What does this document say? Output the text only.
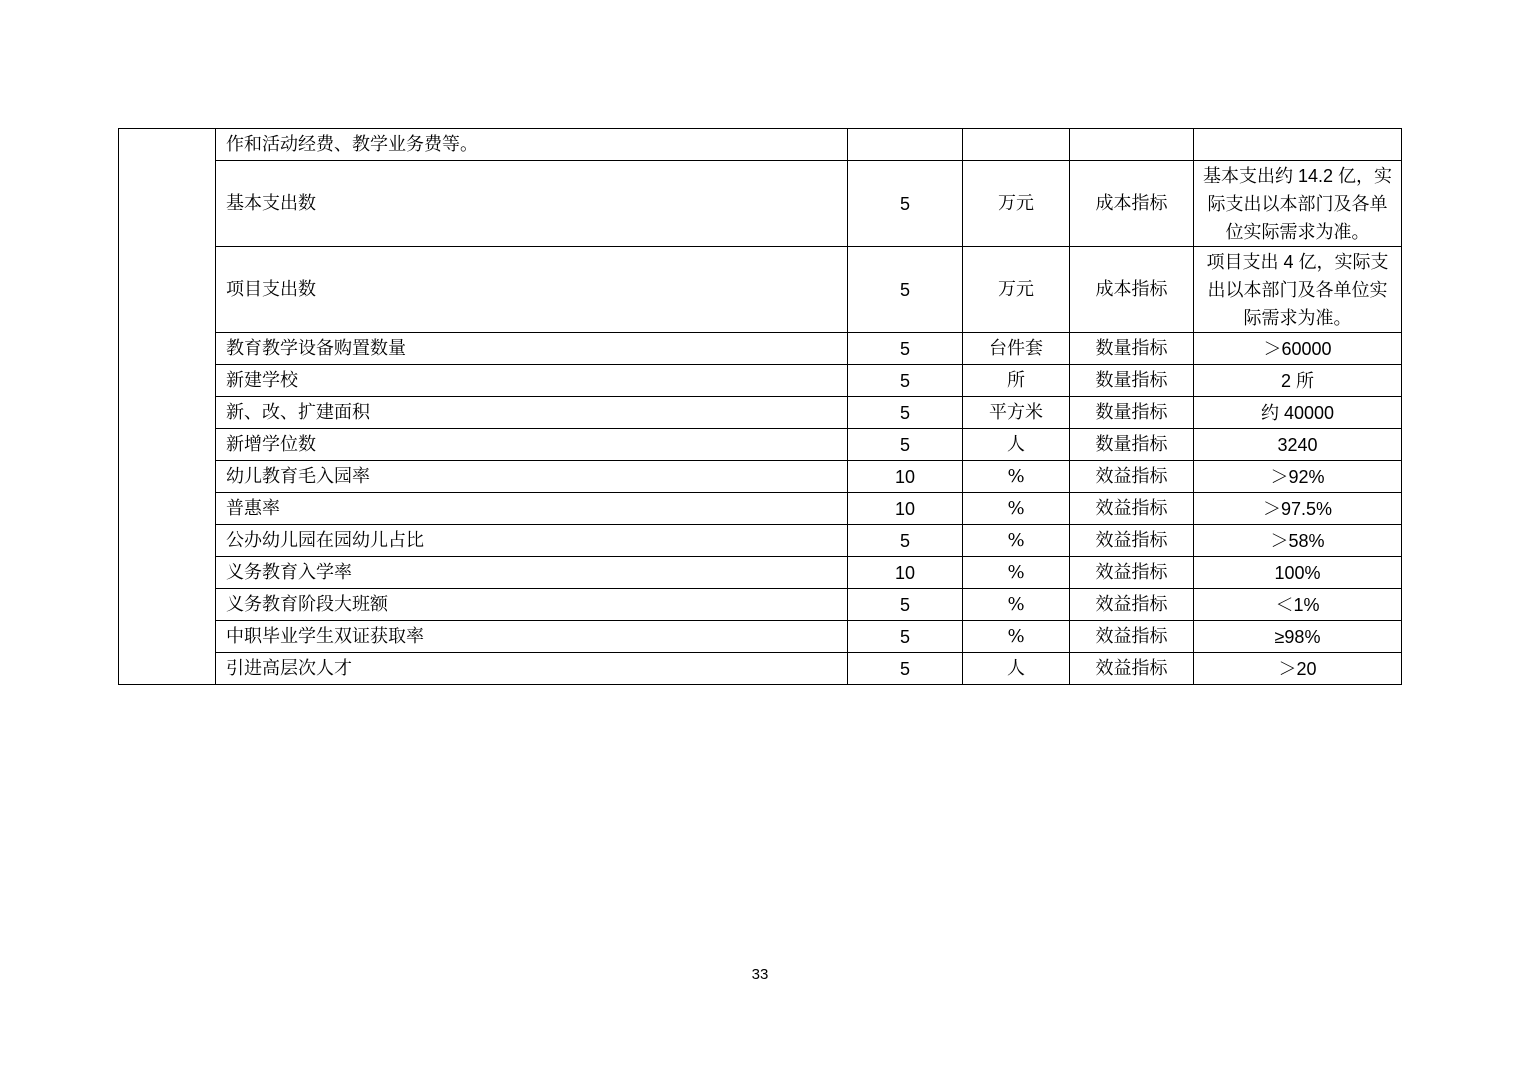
	作和活动经费、教学业务费等。				
	基本支出数	5	万元	成本指标	基本支出约 14.2 亿，实际支出以本部门及各单位实际需求为准。
	项目支出数	5	万元	成本指标	项目支出 4 亿，实际支出以本部门及各单位实际需求为准。
	教育教学设备购置数量	5	台件套	数量指标	＞60000
	新建学校	5	所	数量指标	2 所
	新、改、扩建面积	5	平方米	数量指标	约 40000
	新增学位数	5	人	数量指标	3240
	幼儿教育毛入园率	10	%	效益指标	＞92%
	普惠率	10	%	效益指标	＞97.5%
	公办幼儿园在园幼儿占比	5	%	效益指标	＞58%
	义务教育入学率	10	%	效益指标	100%
	义务教育阶段大班额	5	%	效益指标	＜1%
	中职毕业学生双证获取率	5	%	效益指标	≥98%
	引进高层次人才	5	人	效益指标	＞20
33
